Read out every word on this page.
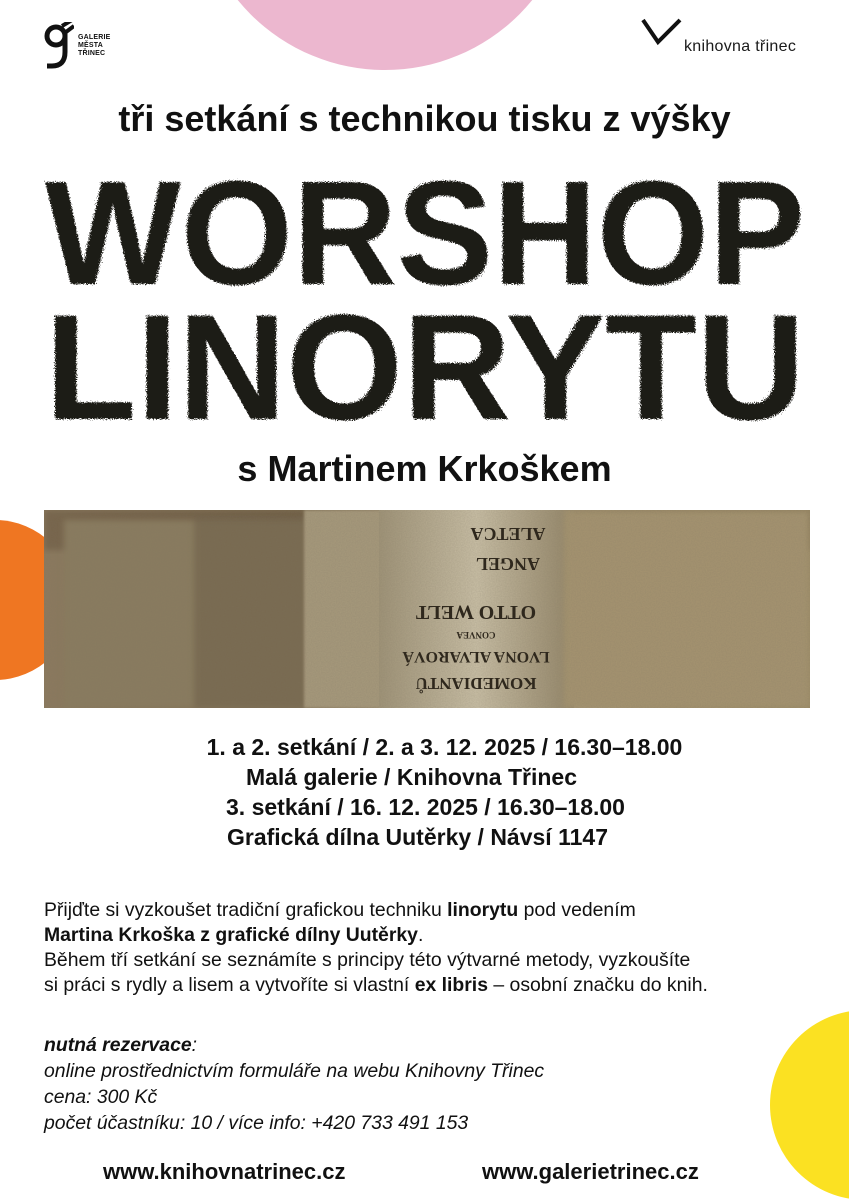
GALERIE
MĚSTA
TŘINEC	knihovna třinec
tři setkání s technikou tisku z výšky
WORSHOP
LINORYTU
s Martinem Krkoškem
KOMEDIANTŮ
LVONA ALVAROVÁ
CONVEA
OTTO WELT
ANGEL
ALETCA
1. a 2. setkání / 2. a 3. 12. 2025 / 16.30–18.00
Malá galerie / Knihovna Třinec
3. setkání / 16. 12. 2025 / 16.30–18.00
Grafická dílna Uutěrky / Návsí 1147
Přijďte si vyzkoušet tradiční grafickou techniku linorytu pod vedením
Martina Krkoška z grafické dílny Uutěrky.
Během tří setkání se seznámíte s principy této výtvarné metody, vyzkoušíte
si práci s rydly a lisem a vytvoříte si vlastní ex libris – osobní značku do knih.
nutná rezervace:
online prostřednictvím formuláře na webu Knihovny Třinec
cena: 300 Kč
počet účastníku: 10 / více info: +420 733 491 153
www.knihovnatrinec.cz	www.galerietrinec.cz
